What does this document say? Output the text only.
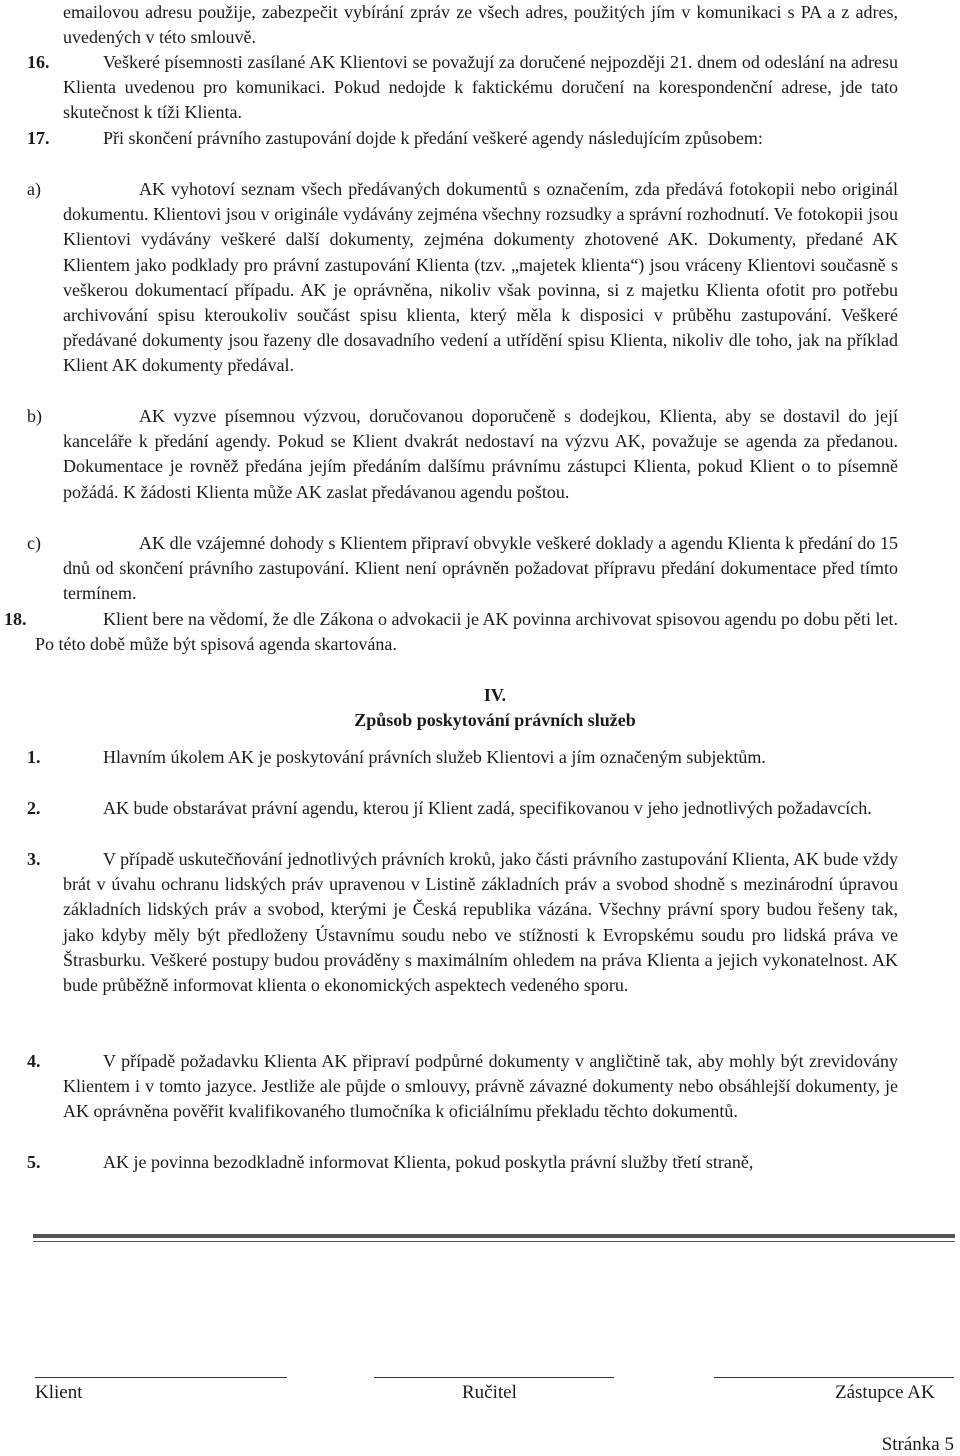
emailovou adresu použije, zabezpečit vybírání zpráv ze všech adres, použitých jím v komunikaci s PA a z adres, uvedených v této smlouvě.
16.	Veškeré písemnosti zasílané AK Klientovi se považují za doručené nejpozději 21. dnem od odeslání na adresu Klienta uvedenou pro komunikaci. Pokud nedojde k faktickému doručení na korespondenční adrese, jde tato skutečnost k tíži Klienta.
17.	Při skončení právního zastupování dojde k předání veškeré agendy následujícím způsobem:
a)	AK vyhotoví seznam všech předávaných dokumentů s označením, zda předává fotokopii nebo originál dokumentu. Klientovi jsou v originále vydávány zejména všechny rozsudky a správní rozhodnutí. Ve fotokopii jsou Klientovi vydávány veškeré další dokumenty, zejména dokumenty zhotovené AK. Dokumenty, předané AK Klientem jako podklady pro právní zastupování Klienta (tzv. „majetek klienta“) jsou vráceny Klientovi současně s veškerou dokumentací případu. AK je oprávněna, nikoliv však povinna, si z majetku Klienta ofotit pro potřebu archivování spisu kteroukoliv součást spisu klienta, který měla k disposici v průběhu zastupování. Veškeré předávané dokumenty jsou řazeny dle dosavadního vedení a utřídění spisu Klienta, nikoliv dle toho, jak na příklad Klient AK dokumenty předával.
b)	AK vyzve písemnou výzvou, doručovanou doporučeně s dodejkou, Klienta, aby se dostavil do její kanceláře k předání agendy. Pokud se Klient dvakrát nedostaví na výzvu AK, považuje se agenda za předanou. Dokumentace je rovněž předána jejím předáním dalšímu právnímu zástupci Klienta, pokud Klient o to písemně požádá. K žádosti Klienta může AK zaslat předávanou agendu poštou.
c)	AK dle vzájemné dohody s Klientem připraví obvykle veškeré doklady a agendu Klienta k předání do 15 dnů od skončení právního zastupování. Klient není oprávněn požadovat přípravu předání dokumentace před tímto termínem.
18.	Klient bere na vědomí, že dle Zákona o advokacii je AK povinna archivovat spisovou agendu po dobu pěti let. Po této době může být spisová agenda skartována.
IV.
Způsob poskytování právních služeb
1.	Hlavním úkolem AK je poskytování právních služeb Klientovi a jím označeným subjektům.
2.	AK bude obstarávat právní agendu, kterou jí Klient zadá, specifikovanou v jeho jednotlivých požadavcích.
3.	V případě uskutečňování jednotlivých právních kroků, jako části právního zastupování Klienta, AK bude vždy brát v úvahu ochranu lidských práv upravenou v Listině základních práv a svobod shodně s mezinárodní úpravou základních lidských práv a svobod, kterými je Česká republika vázána. Všechny právní spory budou řešeny tak, jako kdyby měly být předloženy Ústavnímu soudu nebo ve stížnosti k Evropskému soudu pro lidská práva ve Štrasburku. Veškeré postupy budou prováděny s maximálním ohledem na práva Klienta a jejich vykonatelnost. AK bude průběžně informovat klienta o ekonomických aspektech vedeného sporu.
4.	V případě požadavku Klienta AK připraví podpůrné dokumenty v angličtině tak, aby mohly být zrevidovány Klientem i v tomto jazyce. Jestliže ale půjde o smlouvy, právně závazné dokumenty nebo obsáhlejší dokumenty, je AK oprávněna pověřit kvalifikovaného tlumočníka k oficiálnímu překladu těchto dokumentů.
5.	AK je povinna bezodkladně informovat Klienta, pokud poskytla právní služby třetí straně,
Klient	Ručitel	Zástupce AK
Stránka 5
